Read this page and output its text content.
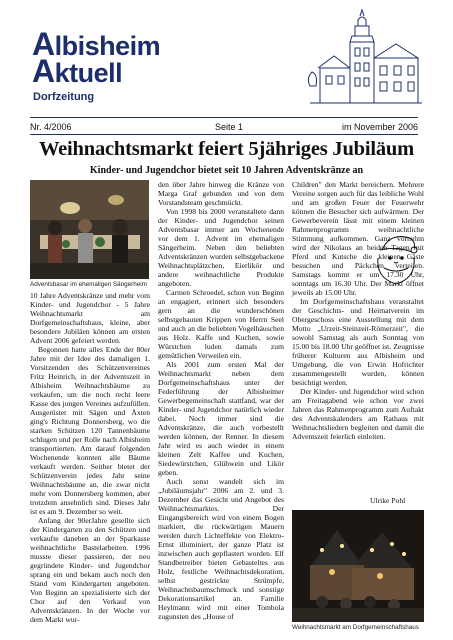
Albisheim
Aktuell
Dorfzeitung
Nr. 4/2006	Seite 1	im November 2006
Weihnachtsmarkt feiert 5jähriges Jubiläum
Kinder- und Jugendchor bietet seit 10 Jahren Adventskränze an
Adventsbasar im ehemaligen Sängerheim

10 Jahre Adventskränze und mehr vom Kinder- und Jugendchor - 5 Jahre Weihnachtsmarkt am Dorfgemeinschaftshaus, kleine, aber besondere Jubiläen können am ersten Advent 2006 gefeiert werden.

Begonnen hatte alles Ende der 80er Jahre mit der Idee des damaligen 1. Vorsitzenden des Schützenvereines Fritz Heinrich, in der Adventszeit in Albisheim Weihnachtsbäume zu verkaufen, um die noch recht leere Kasse des jungen Vereines aufzufüllen. Ausgerüstet mit Sägen und Äxten ging's Richtung Donnersberg, wo die starken Schützen 120 Tannenbäume schlugen und per Rolle nach Albisheim transportierten. Am darauf folgenden Wochenende konnten alle Bäume verkauft werden. Seither bietet der Schützenverein jedes Jahr seine Weihnachtsbäume an, die zwar nicht mehr vom Donnersberg kommen, aber trotzdem ansehnlich sind. Dieses Jahr ist es am 9. Dezember so weit.

Anfang der 90erJahre gesellte sich der Kindergarten zu den Schützen und verkaufte daneben an der Sparkasse weihnachtliche Bastelarbeiten. 1996 musste dieser passieren, der neu gegründete Kinder- und Jugendchor sprang ein und bekam auch noch den Stand vom Kindergarten angeboten. Von Beginn an spezialisierte sich der Chor auf den Verkauf von Adventskränzen. In der Woche vor dem Markt wur-

den über Jahre hinweg die Kränze von Marga Graf gebunden und von dem Vorstandsteam geschmückt.

Von 1998 bis 2000 veranstaltete dann der Kinder- und Jugendchor seinen Adventsbasar immer am Wochenende vor dem 1. Advent im ehemaligen Sängerheim. Neben den beliebten Adventskränzen wurden selbstgebackene Weihnachtsplätzchen, Eierlikör und andere weihnachtliche Produkte angeboten.

Carmen Schroedel, schon von Beginn an engagiert, erinnert sich besonders gern an die wunderschönen selbstgebauten Krippen von Herrn Seel und auch an die beliebten Vogelhäuschen aus Holz. Kaffe und Kuchen, sowie Würstchen luden damals zum gemütlichen Verweilen ein.

Als 2001 zum ersten Mal der Weihnachtsmarkt neben dem Dorfgemeinschaftshaus unter der Federführung der Albisheimer Gewerbegemeinschaft stattfand, war der Kinder- und Jugendchor natürlich wieder dabei. Noch immer sind die Adventskränze, die auch vorbestellt werden können, der Renner. In diesem Jahr wird es auch wieder in einem kleinen Zelt Kaffee und Kuchen, Siedewürstchen, Glühwein und Likör geben.

Auch sonst wandelt sich im „Jubiläumsjahr" 2006 am 2. und 3. Dezember das Gesicht und Angebot des Weihnachtsmarktes. Der Eingangsbereich wird von einem Bogen markiert, die rückwärtigen Mauern werden durch Lichteffekte von Elektro-Ernst illuminiert, der ganze Platz ist inzwischen auch gepflastert worden. Elf Standbetreiber bieten Gebasteltes aus Holz, festliche Weihnachtsdekoration, selbst gestrickte Strümpfe, Weihnachtsbaumschmuck und sonstige Dekorationsartikel an. Familie Heylmann wird mit einer Tombola zugunsten des „House of

Children" den Markt bereichern. Mehrere Vereine sorgen auch für das leibliche Wohl und am großen Feuer der Feuerwehr können die Besucher sich aufwärmen. Der Gewerbeverein lässt mit einem kleinen Rahmenprogramm weihnachtliche Stimmung aufkommen. Ganz vornehm wird der Nikolaus an beiden Tagen mit Pferd und Kutsche die kleinen Gäste besuchen und Päckchen verteilen. Samstags kommt er um 17.30 Uhr, sonntags um 16.30 Uhr. Der Markt öffnet jeweils ab 15.00 Uhr.

Im Dorfgemeinschaftshaus veranstaltet der Geschichts- und Heimatverein im Obergeschoss eine Ausstellung mit dem Motto „Urzeit-Steinzeit-Römerzeit", die sowohl Samstag als auch Sonntag von 15.00 bis 18.00 Uhr geöffnet ist. Zeugnisse früherer Kulturen aus Albisheim und Umgebung, die von Erwin Hofrichter zusammengestellt wurden, können besichtigt werden.

Der Kinder- und Jugendchor wird schon am Freitagabend wie schon vor zwei Jahren das Rahmenprogramm zum Auftakt des Adventskalenders am Rathaus mit Weihnachtsliedern begleiten und damit die Adventszeit feierlich einleiten.

Ulrike Pohl
Weihnachtsmarkt am Dorfgemeinschaftshaus
